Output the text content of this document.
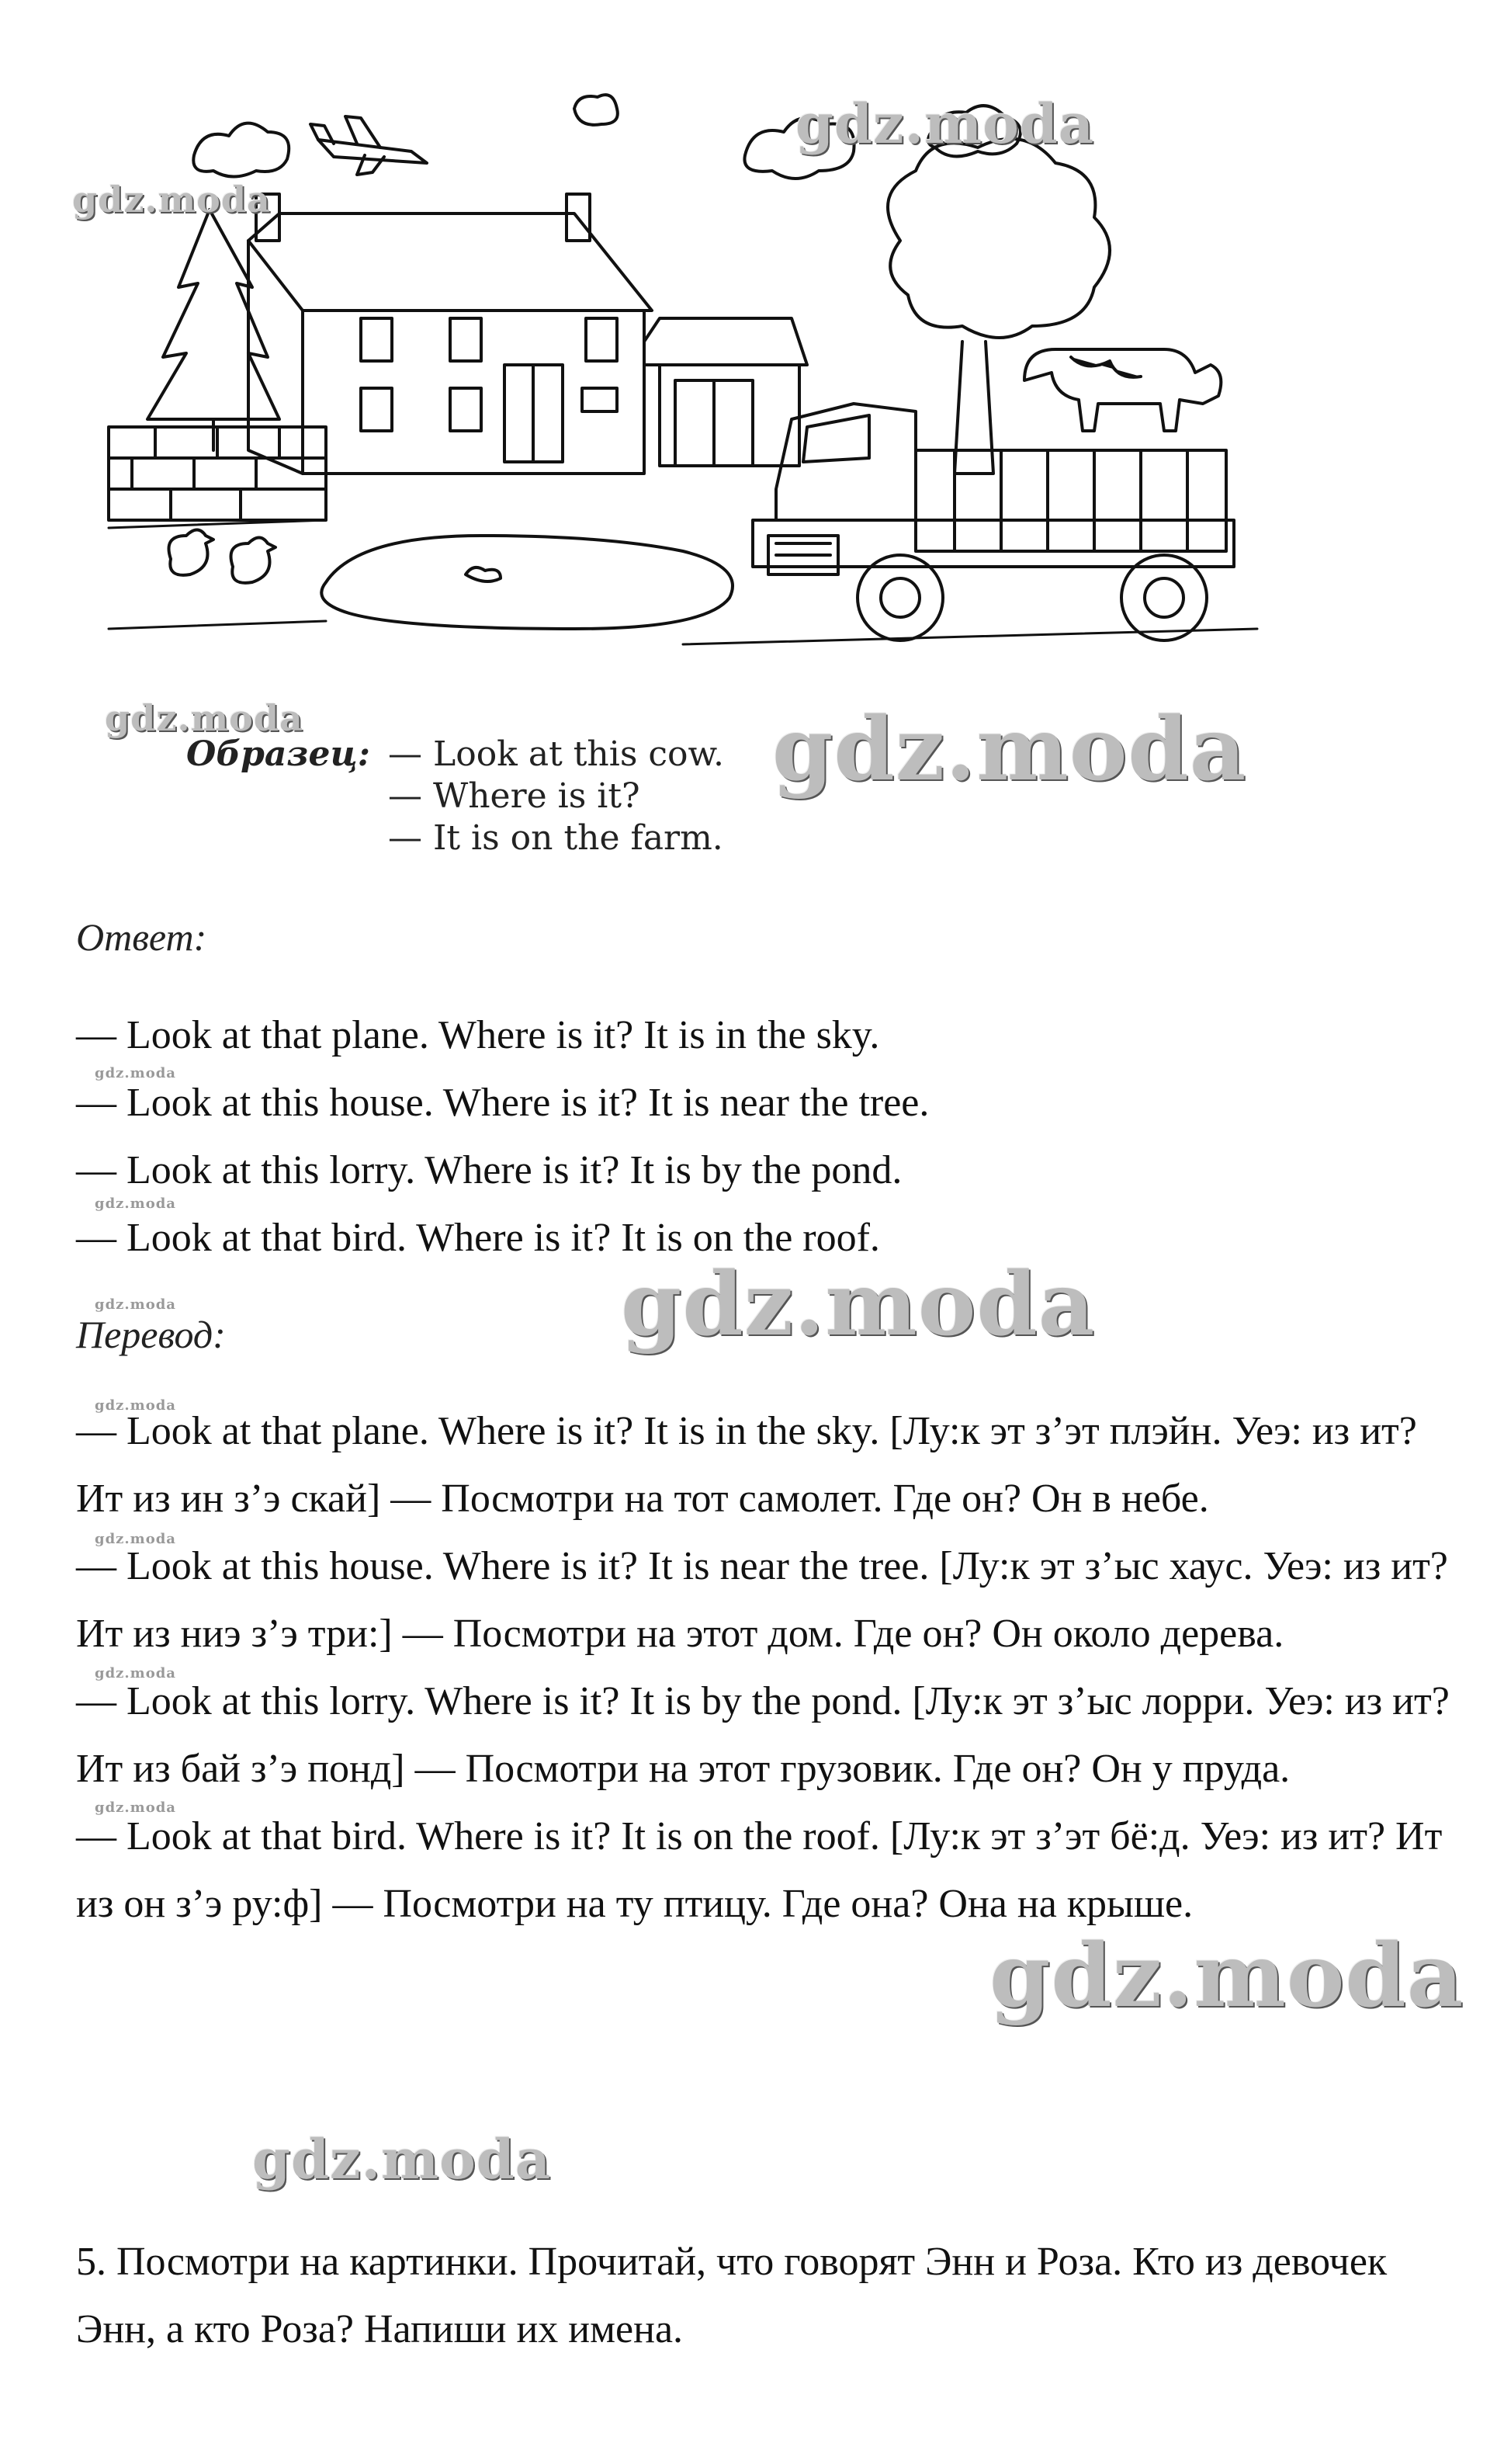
gdz.moda
gdz.moda
gdz.moda	gdz.moda
gdz.moda
gdz.moda
gdz.moda
gdz.moda
gdz.moda
gdz.moda
gdz.moda
gdz.moda
gdz.moda
gdz.moda
Образец: — Look at this cow.
— Where is it?
— It is on the farm.
Ответ:

— Look at that plane. Where is it? It is in the sky.

— Look at this house. Where is it? It is near the tree.

— Look at this lorry. Where is it? It is by the pond.

— Look at that bird. Where is it? It is on the roof.

Перевод:

— Look at that plane. Where is it? It is in the sky. [Лу:к эт з’эт плэйн. Уеэ: из ит? Ит из ин з’э скай] — Посмотри на тот самолет. Где он? Он в небе.

— Look at this house. Where is it? It is near the tree. [Лу:к эт з’ыс хаус. Уеэ: из ит? Ит из ниэ з’э три:] — Посмотри на этот дом. Где он? Он около дерева.

— Look at this lorry. Where is it? It is by the pond. [Лу:к эт з’ыс лорри. Уеэ: из ит? Ит из бай з’э понд] — Посмотри на этот грузовик. Где он? Он у пруда.

— Look at that bird. Where is it? It is on the roof. [Лу:к эт з’эт бё:д. Уеэ: из ит? Ит из он з’э ру:ф] — Посмотри на ту птицу. Где она? Она на крыше.

5. Посмотри на картинки. Прочитай, что говорят Энн и Роза. Кто из девочек Энн, а кто Роза? Напиши их имена.
